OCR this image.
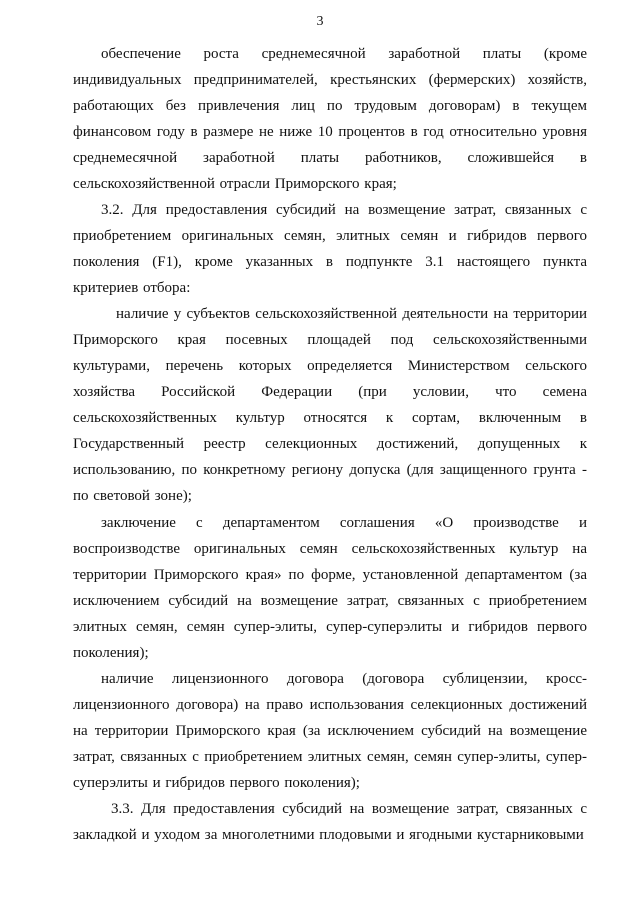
3

обеспечение роста среднемесячной заработной платы (кроме индивидуальных предпринимателей, крестьянских (фермерских) хозяйств, работающих без привлечения лиц по трудовым договорам) в текущем финансовом году в размере не ниже 10 процентов в год относительно уровня среднемесячной заработной платы работников, сложившейся в сельскохозяйственной отрасли Приморского края;

3.2. Для предоставления субсидий на возмещение затрат, связанных с приобретением оригинальных семян, элитных семян и гибридов первого поколения (F1), кроме указанных в подпункте 3.1 настоящего пункта критериев отбора:

наличие у субъектов сельскохозяйственной деятельности на территории Приморского края посевных площадей под сельскохозяйственными культурами, перечень которых определяется Министерством сельского хозяйства Российской Федерации (при условии, что семена сельскохозяйственных культур относятся к сортам, включенным в Государственный реестр селекционных достижений, допущенных к использованию, по конкретному региону допуска (для защищенного грунта - по световой зоне);

заключение с департаментом соглашения «О производстве и воспроизводстве оригинальных семян сельскохозяйственных культур на территории Приморского края» по форме, установленной департаментом (за исключением субсидий на возмещение затрат, связанных с приобретением элитных семян, семян супер-элиты, супер-суперэлиты и гибридов первого поколения);

наличие лицензионного договора (договора сублицензии, кросс-лицензионного договора) на право использования селекционных достижений на территории Приморского края (за исключением субсидий на возмещение затрат, связанных с приобретением элитных семян, семян супер-элиты, супер-суперэлиты и гибридов первого поколения);

3.3. Для предоставления субсидий на возмещение затрат, связанных с закладкой и уходом за многолетними плодовыми и ягодными кустарниковыми
